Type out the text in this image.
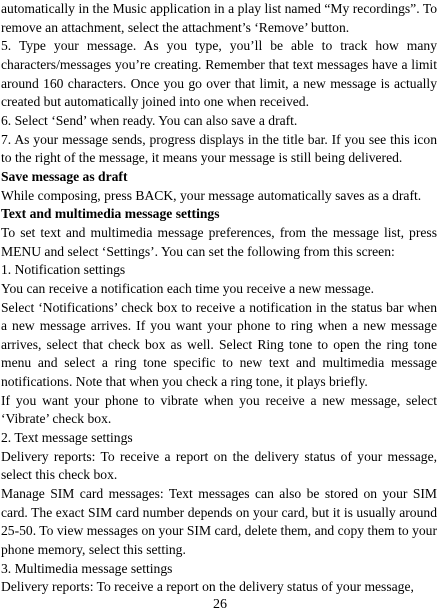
automatically in the Music application in a play list named “My recordings”. To remove an attachment, select the attachment’s ‘Remove’ button.

5. Type your message. As you type, you’ll be able to track how many characters/messages you’re creating. Remember that text messages have a limit around 160 characters. Once you go over that limit, a new message is actually created but automatically joined into one when received.

6. Select ‘Send’ when ready. You can also save a draft.

7. As your message sends, progress displays in the title bar. If you see this icon to the right of the message, it means your message is still being delivered.

Save message as draft

While composing, press BACK, your message automatically saves as a draft.

Text and multimedia message settings

To set text and multimedia message preferences, from the message list, press MENU and select ‘Settings’. You can set the following from this screen:

1. Notification settings

You can receive a notification each time you receive a new message.

Select ‘Notifications’ check box to receive a notification in the status bar when a new message arrives. If you want your phone to ring when a new message arrives, select that check box as well. Select Ring tone to open the ring tone menu and select a ring tone specific to new text and multimedia message notifications. Note that when you check a ring tone, it plays briefly.

If you want your phone to vibrate when you receive a new message, select ‘Vibrate’ check box.

2. Text message settings

Delivery reports: To receive a report on the delivery status of your message, select this check box.

Manage SIM card messages: Text messages can also be stored on your SIM card. The exact SIM card number depends on your card, but it is usually around 25-50. To view messages on your SIM card, delete them, and copy them to your phone memory, select this setting.

3. Multimedia message settings

Delivery reports: To receive a report on the delivery status of your message,

26
